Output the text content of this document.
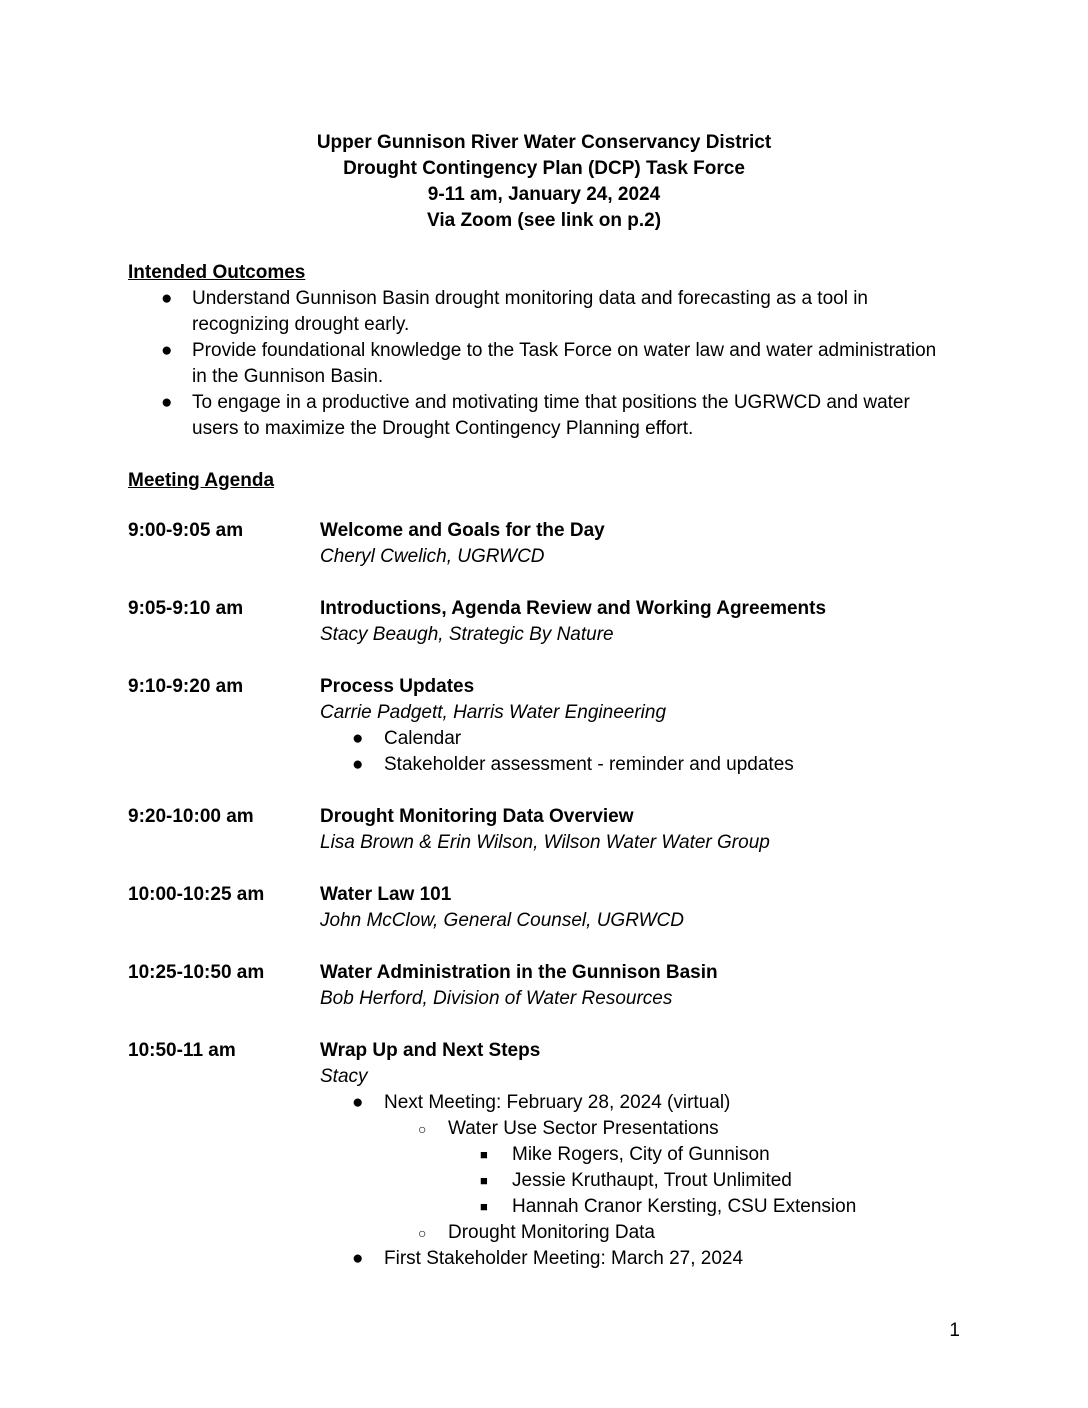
Upper Gunnison River Water Conservancy District
Drought Contingency Plan (DCP) Task Force
9-11 am, January 24, 2024
Via Zoom (see link on p.2)
Intended Outcomes
● Understand Gunnison Basin drought monitoring data and forecasting as a tool in recognizing drought early.
● Provide foundational knowledge to the Task Force on water law and water administration in the Gunnison Basin.
● To engage in a productive and motivating time that positions the UGRWCD and water users to maximize the Drought Contingency Planning effort.
Meeting Agenda
9:00-9:05 am	Welcome and Goals for the Day
Cheryl Cwelich, UGRWCD
9:05-9:10 am	Introductions, Agenda Review and Working Agreements
Stacy Beaugh, Strategic By Nature
9:10-9:20 am	Process Updates
Carrie Padgett, Harris Water Engineering
● Calendar
● Stakeholder assessment - reminder and updates
9:20-10:00 am	Drought Monitoring Data Overview
Lisa Brown & Erin Wilson, Wilson Water Water Group
10:00-10:25 am	Water Law 101
John McClow, General Counsel, UGRWCD
10:25-10:50 am	Water Administration in the Gunnison Basin
Bob Herford, Division of Water Resources
10:50-11 am	Wrap Up and Next Steps
Stacy
● Next Meeting: February 28, 2024 (virtual)
○ Water Use Sector Presentations
■ Mike Rogers, City of Gunnison
■ Jessie Kruthaupt, Trout Unlimited
■ Hannah Cranor Kersting, CSU Extension
○ Drought Monitoring Data
● First Stakeholder Meeting: March 27, 2024
1
